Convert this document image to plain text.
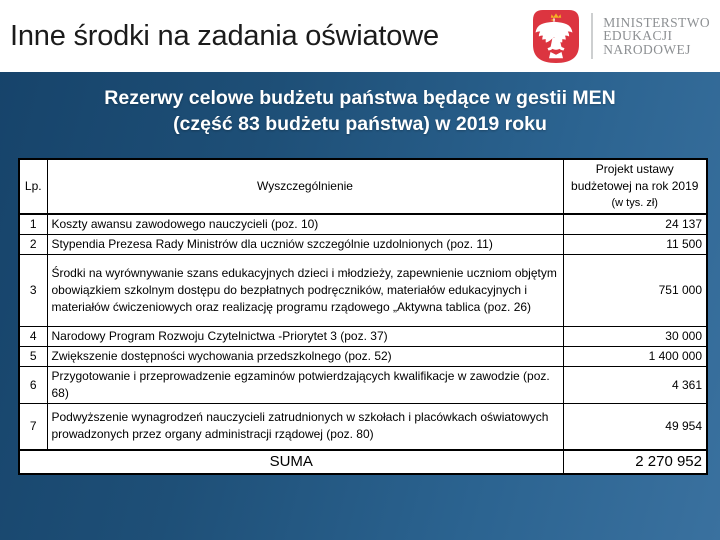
Inne środki na zadania oświatowe	MINISTERSTWO
EDUKACJI
NARODOWEJ
Rezerwy celowe budżetu państwa będące w gestii MEN
(część 83 budżetu państwa) w 2019 roku
Lp.	Wyszczególnienie	Projekt ustawy
budżetowej na rok 2019
(w tys. zł)

1	Koszty awansu zawodowego nauczycieli (poz. 10)	24 137
2	Stypendia Prezesa Rady Ministrów dla uczniów szczególnie uzdolnionych (poz. 11)	11 500
3	Środki na wyrównywanie szans edukacyjnych dzieci i młodzieży, zapewnienie uczniom objętym obowiązkiem szkolnym dostępu do bezpłatnych podręczników, materiałów edukacyjnych i materiałów ćwiczeniowych oraz realizację programu rządowego „Aktywna tablica (poz. 26)	751 000
4	Narodowy Program Rozwoju Czytelnictwa -Priorytet 3 (poz. 37)	30 000
5	Zwiększenie dostępności wychowania przedszkolnego (poz. 52)	1 400 000
6	Przygotowanie i przeprowadzenie egzaminów potwierdzających kwalifikacje w zawodzie (poz. 68)	4 361
7	Podwyższenie wynagrodzeń nauczycieli zatrudnionych w szkołach i placówkach oświatowych prowadzonych przez organy administracji rządowej (poz. 80)	49 954
SUMA		2 270 952
